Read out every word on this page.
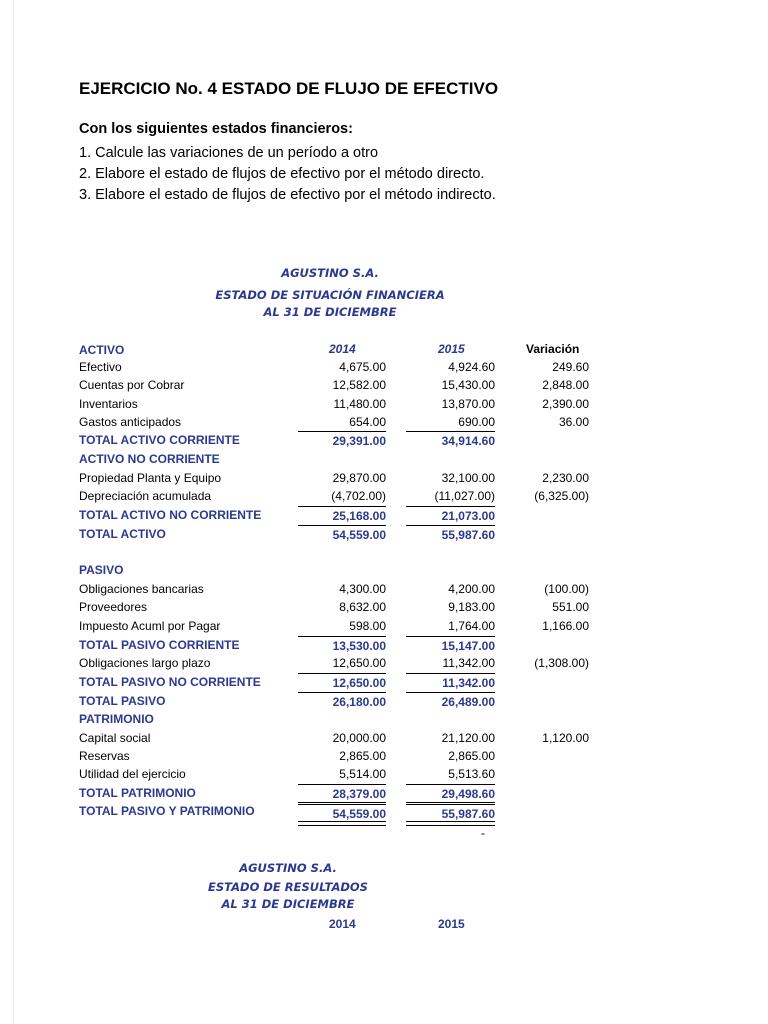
EJERCICIO No. 4 ESTADO DE FLUJO DE EFECTIVO
Con los siguientes estados financieros:
1. Calcule las variaciones de un período a otro
2. Elabore el estado de flujos de efectivo por el método directo.
3. Elabore el estado de flujos de efectivo por el método indirecto.
AGUSTINO S.A.
ESTADO DE SITUACIÓN FINANCIERA
AL 31 DE DICIEMBRE
2014	2015	Variación
ACTIVO
Efectivo	4,675.00	4,924.60	249.60
Cuentas por Cobrar	12,582.00	15,430.00	2,848.00
Inventarios	11,480.00	13,870.00	2,390.00
Gastos anticipados	654.00	690.00	36.00
TOTAL ACTIVO CORRIENTE	29,391.00	34,914.60
ACTIVO NO CORRIENTE
Propiedad Planta y Equipo	29,870.00	32,100.00	2,230.00
Depreciación acumulada	(4,702.00)	(11,027.00)	(6,325.00)
TOTAL ACTIVO NO CORRIENTE	25,168.00	21,073.00
TOTAL ACTIVO	54,559.00	55,987.60
PASIVO
Obligaciones bancarias	4,300.00	4,200.00	(100.00)
Proveedores	8,632.00	9,183.00	551.00
Impuesto Acuml por Pagar	598.00	1,764.00	1,166.00
TOTAL PASIVO CORRIENTE	13,530.00	15,147.00
Obligaciones largo plazo	12,650.00	11,342.00	(1,308.00)
TOTAL PASIVO NO CORRIENTE	12,650.00	11,342.00
TOTAL PASIVO	26,180.00	26,489.00
PATRIMONIO
Capital social	20,000.00	21,120.00	1,120.00
Reservas	2,865.00	2,865.00
Utilidad del ejercicio	5,514.00	5,513.60
TOTAL PATRIMONIO	28,379.00	29,498.60
TOTAL PASIVO Y PATRIMONIO	54,559.00	55,987.60
-
AGUSTINO S.A.
ESTADO DE RESULTADOS
AL 31 DE DICIEMBRE
2014	2015
